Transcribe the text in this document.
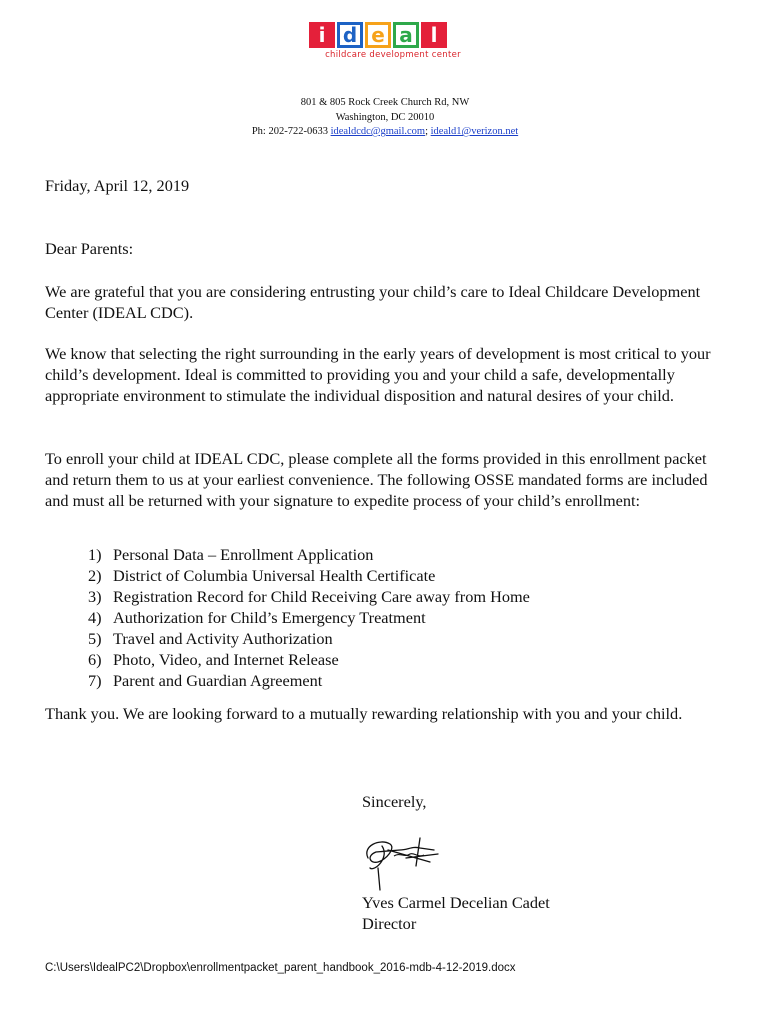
i d e a l
childcare development center
801 & 805 Rock Creek Church Rd, NW
Washington, DC 20010
Ph: 202-722-0633 idealdcdc@gmail.com; ideald1@verizon.net

Friday, April 12, 2019

Dear Parents:

We are grateful that you are considering entrusting your child’s care to Ideal Childcare Development Center (IDEAL CDC).

We know that selecting the right surrounding in the early years of development is most critical to your child’s development. Ideal is committed to providing you and your child a safe, developmentally appropriate environment to stimulate the individual disposition and natural desires of your child.

To enroll your child at IDEAL CDC, please complete all the forms provided in this enrollment packet and return them to us at your earliest convenience. The following OSSE mandated forms are included and must all be returned with your signature to expedite process of your child’s enrollment:

1) Personal Data – Enrollment Application
2) District of Columbia Universal Health Certificate
3) Registration Record for Child Receiving Care away from Home
4) Authorization for Child’s Emergency Treatment
5) Travel and Activity Authorization
6) Photo, Video, and Internet Release
7) Parent and Guardian Agreement

Thank you. We are looking forward to a mutually rewarding relationship with you and your child.

Sincerely,
Yves Carmel Decelian Cadet
Director
C:\Users\IdealPC2\Dropbox\enrollmentpacket_parent_handbook_2016-mdb-4-12-2019.docx
